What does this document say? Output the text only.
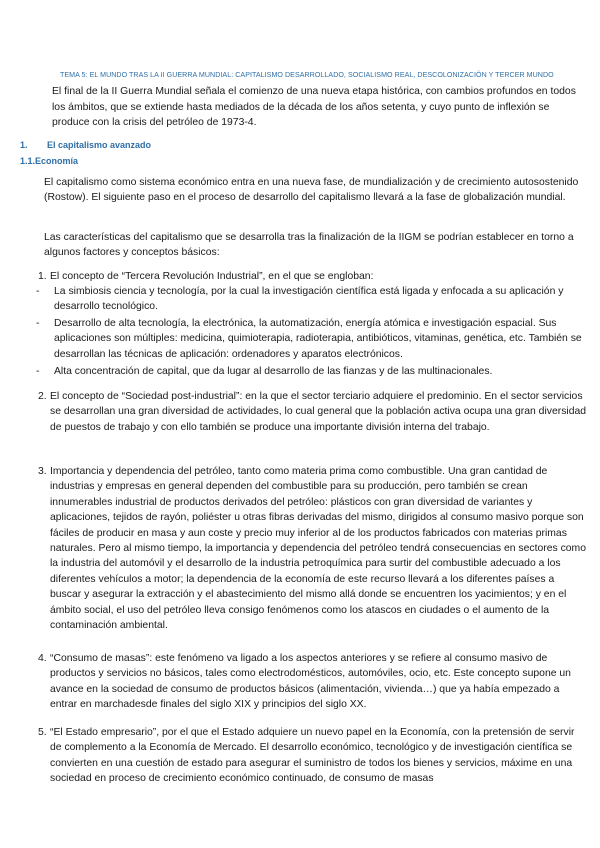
TEMA 5: EL MUNDO TRAS LA II GUERRA MUNDIAL: CAPITALISMO DESARROLLADO, SOCIALISMO REAL, DESCOLONIZACIÓN Y TERCER MUNDO
El final de la II Guerra Mundial señala el comienzo de una nueva etapa histórica, con cambios profundos en todos los ámbitos, que se extiende hasta mediados de la década de los años setenta, y cuyo punto de inflexión se produce con la crisis del petróleo de 1973-4.
1. El capitalismo avanzado
1.1.Economía
El capitalismo como sistema económico entra en una nueva fase, de mundialización y de crecimiento autosostenido (Rostow). El siguiente paso en el proceso de desarrollo del capitalismo llevará a la fase de globalización mundial.
Las características del capitalismo que se desarrolla tras la finalización de la IIGM se podrían establecer en torno a algunos factores y conceptos básicos:
1. El concepto de “Tercera Revolución Industrial”, en el que se engloban:
- La simbiosis ciencia y tecnología, por la cual la investigación científica está ligada y enfocada a su aplicación y desarrollo tecnológico.
- Desarrollo de alta tecnología, la electrónica, la automatización, energía atómica e investigación espacial. Sus aplicaciones son múltiples: medicina, quimioterapia, radioterapia, antibióticos, vitaminas, genética, etc. También se desarrollan las técnicas de aplicación: ordenadores y aparatos electrónicos.
- Alta concentración de capital, que da lugar al desarrollo de las fianzas y de las multinacionales.
2. El concepto de “Sociedad post-industrial”: en la que el sector terciario adquiere el predominio. En el sector servicios se desarrollan una gran diversidad de actividades, lo cual general que la población activa ocupa una gran diversidad de puestos de trabajo y con ello también se produce una importante división interna del trabajo.
3. Importancia y dependencia del petróleo, tanto como materia prima como combustible. Una gran cantidad de industrias y empresas en general dependen del combustible para su producción, pero también se crean innumerables industrial de productos derivados del petróleo: plásticos con gran diversidad de variantes y aplicaciones, tejidos de rayón, poliéster u otras fibras derivadas del mismo, dirigidos al consumo masivo porque son fáciles de producir en masa y aun coste y precio muy inferior al de los productos fabricados con materias primas naturales. Pero al mismo tiempo, la importancia y dependencia del petróleo tendrá consecuencias en sectores como la industria del automóvil y el desarrollo de la industria petroquímica para surtir del combustible adecuado a los diferentes vehículos a motor; la dependencia de la economía de este recurso llevará a los diferentes países a buscar y asegurar la extracción y el abastecimiento del mismo allá donde se encuentren los yacimientos; y en el ámbito social, el uso del petróleo lleva consigo fenómenos como los atascos en ciudades o el aumento de la contaminación ambiental.
4. “Consumo de masas”: este fenómeno va ligado a los aspectos anteriores y se refiere al consumo masivo de productos y servicios no básicos, tales como electrodomésticos, automóviles, ocio, etc. Este concepto supone un avance en la sociedad de consumo de productos básicos (alimentación, vivienda…) que ya había empezado a entrar en marchadesde finales del siglo XIX y principios del siglo XX.
5. “El Estado empresario”, por el que el Estado adquiere un nuevo papel en la Economía, con la pretensión de servir de complemento a la Economía de Mercado. El desarrollo económico, tecnológico y de investigación científica se convierten en una cuestión de estado para asegurar el suministro de todos los bienes y servicios, máxime en una sociedad en proceso de crecimiento económico continuado, de consumo de masas
